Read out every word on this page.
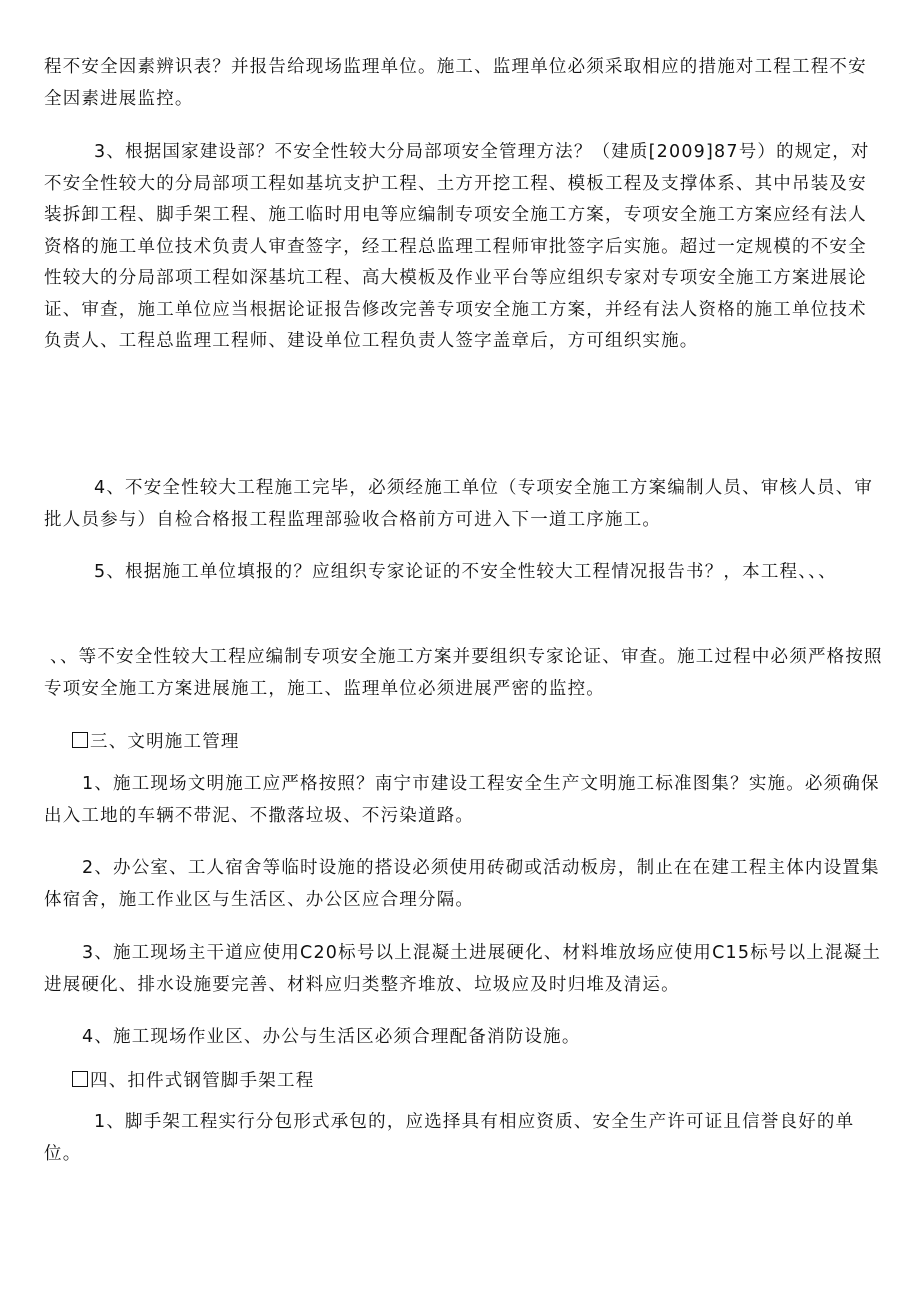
程不安全因素辨识表？并报告给现场监理单位。施工、监理单位必须采取相应的措施对工程工程不安全因素进展监控。

3、根据国家建设部？不安全性较大分局部项安全管理方法？（建质[2009]87号）的规定，对不安全性较大的分局部项工程如基坑支护工程、土方开挖工程、模板工程及支撑体系、其中吊装及安装拆卸工程、脚手架工程、施工临时用电等应编制专项安全施工方案，专项安全施工方案应经有法人资格的施工单位技术负责人审查签字，经工程总监理工程师审批签字后实施。超过一定规模的不安全性较大的分局部项工程如深基坑工程、高大模板及作业平台等应组织专家对专项安全施工方案进展论证、审查，施工单位应当根据论证报告修改完善专项安全施工方案，并经有法人资格的施工单位技术负责人、工程总监理工程师、建设单位工程负责人签字盖章后，方可组织实施。

4、不安全性较大工程施工完毕，必须经施工单位（专项安全施工方案编制人员、审核人员、审批人员参与）自检合格报工程监理部验收合格前方可进入下一道工序施工。

5、根据施工单位填报的？应组织专家论证的不安全性较大工程情况报告书？，本工程、、、

、、等不安全性较大工程应编制专项安全施工方案并要组织专家论证、审查。施工过程中必须严格按照专项安全施工方案进展施工，施工、监理单位必须进展严密的监控。

三、文明施工管理

1、施工现场文明施工应严格按照？南宁市建设工程安全生产文明施工标准图集？实施。必须确保出入工地的车辆不带泥、不撒落垃圾、不污染道路。

2、办公室、工人宿舍等临时设施的搭设必须使用砖砌或活动板房，制止在在建工程主体内设置集体宿舍，施工作业区与生活区、办公区应合理分隔。

3、施工现场主干道应使用C20标号以上混凝土进展硬化、材料堆放场应使用C15标号以上混凝土进展硬化、排水设施要完善、材料应归类整齐堆放、垃圾应及时归堆及清运。

4、施工现场作业区、办公与生活区必须合理配备消防设施。

四、扣件式钢管脚手架工程

1、脚手架工程实行分包形式承包的，应选择具有相应资质、安全生产许可证且信誉良好的单位。
